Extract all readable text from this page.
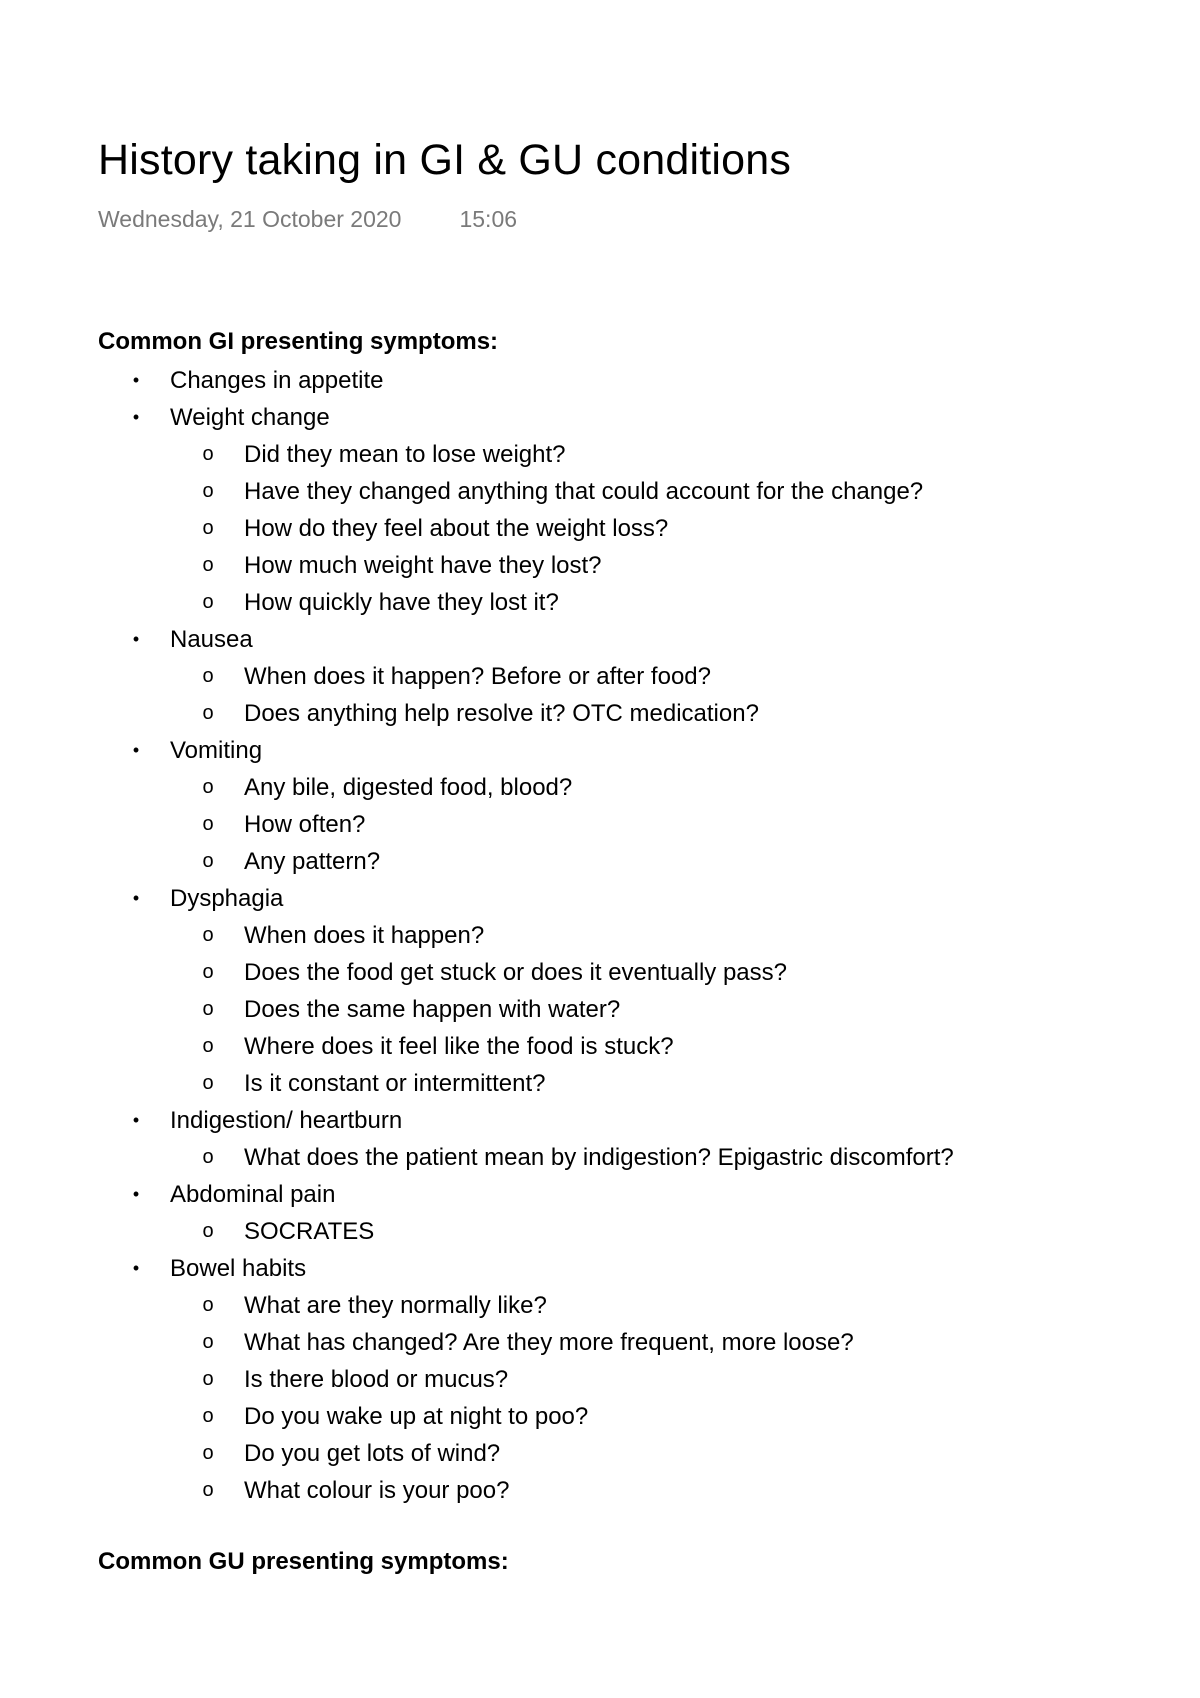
History taking in GI & GU conditions
Wednesday, 21 October 2020	15:06
Common GI presenting symptoms:
• Changes in appetite
• Weight change
o Did they mean to lose weight?
o Have they changed anything that could account for the change?
o How do they feel about the weight loss?
o How much weight have they lost?
o How quickly have they lost it?
• Nausea
o When does it happen? Before or after food?
o Does anything help resolve it? OTC medication?
• Vomiting
o Any bile, digested food, blood?
o How often?
o Any pattern?
• Dysphagia
o When does it happen?
o Does the food get stuck or does it eventually pass?
o Does the same happen with water?
o Where does it feel like the food is stuck?
o Is it constant or intermittent?
• Indigestion/ heartburn
o What does the patient mean by indigestion? Epigastric discomfort?
• Abdominal pain
o SOCRATES
• Bowel habits
o What are they normally like?
o What has changed? Are they more frequent, more loose?
o Is there blood or mucus?
o Do you wake up at night to poo?
o Do you get lots of wind?
o What colour is your poo?
Common GU presenting symptoms:
